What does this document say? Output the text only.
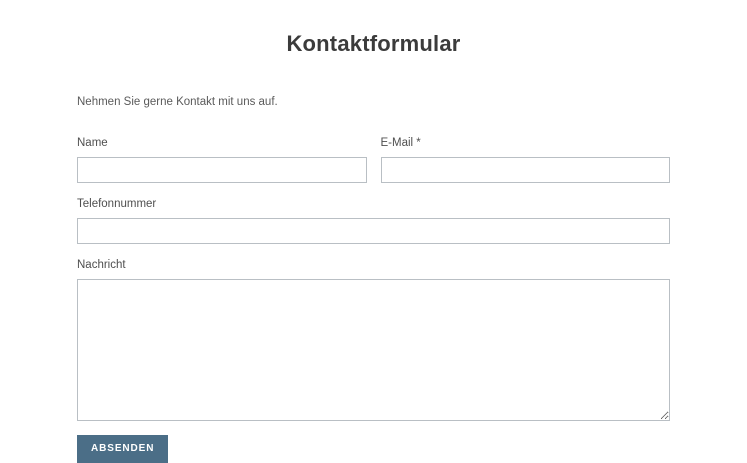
Kontaktformular

Nehmen Sie gerne Kontakt mit uns auf.

Name	E-Mail *
Telefonnummer
Nachricht
ABSENDEN
